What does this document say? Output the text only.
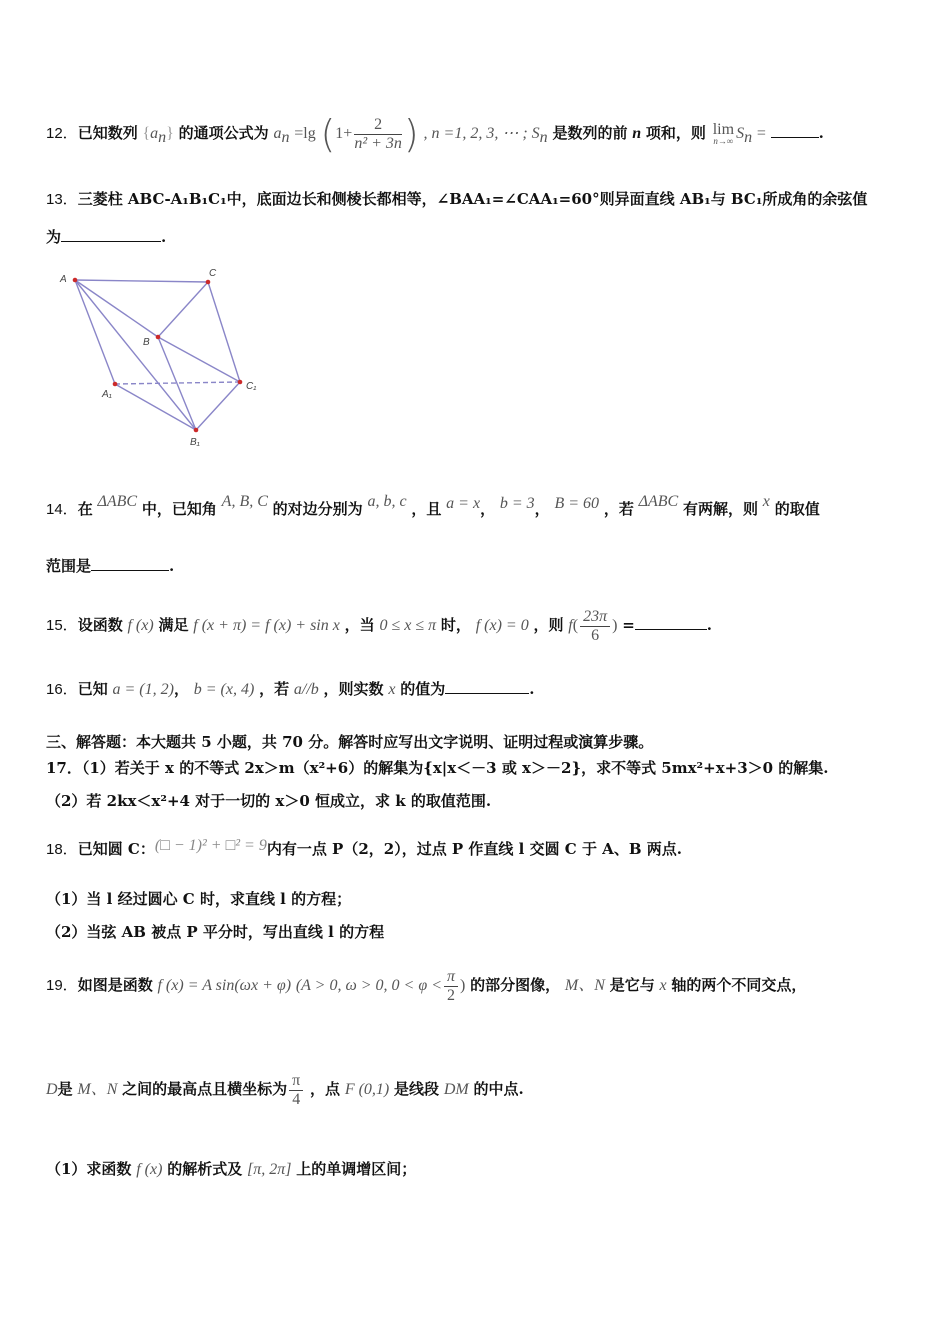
12．已知数列 $\{a_n\}$ 的通项公式为 $a_n =\lg$ ($1+ \frac{2}{\text{n² + 3n}}$ ) , n =1, 2, 3, ⋯ ; $S_n$ 是数列的前 n 项和，则 lim
n→∞ $S_n$ =	.
13．三菱柱 ABC-A₁B₁C₁中，底面边长和侧棱长都相等，∠BAA₁=∠CAA₁=60°则异面直线 AB₁与 BC₁所成角的余弦值
为	.
A
C
B
A₁
C₁
B₁
14．在 ΔABC 中，已知角 A, B, C 的对边分别为 a, b, c ，且 a = x， b = 3， B = 60 ，若 ΔABC 有两解，则 x 的取值
范围是	.
15．设函数 f (x) 满足 f (x + π) = f (x) + sin x ，当 0 ≤ x ≤ π 时， f (x) = 0 ，则 $f( \frac{23\pi}{6}$ ) =	.
16．已知 a = (1, 2)， b = (x, 4) ，若 a//b ，则实数 x 的值为	.
三、解答题：本大题共 5 小题，共 70 分。解答时应写出文字说明、证明过程或演算步骤。
17．（1）若关于 x 的不等式 2x＞m（x²+6）的解集为{x|x＜－3 或 x＞－2}，求不等式 5mx²+x+3＞0 的解集.
（2）若 2kx＜x²+4 对于一切的 x＞0 恒成立，求 k 的取值范围.
18．已知圆 C：(□ − 1)² + □² = 9内有一点 P（2，2），过点 P 作直线 l 交圆 C 于 A、B 两点.
（1）当 l 经过圆心 C 时，求直线 l 的方程；
（2）当弦 AB 被点 P 平分时，写出直线 l 的方程
19．如图是函数 f (x) = A sin(ωx + φ) (A > 0, ω > 0, $0 < \varphi < \frac{\pi}{2}$ ) 的部分图像， M、N 是它与 x 轴的两个不同交点，
D是 M、N 之间的最高点且横坐标为 $\frac{\pi}{4}$ ，点 F (0,1) 是线段 DM 的中点.
（1）求函数 f (x) 的解析式及 [π, 2π] 上的单调增区间；
